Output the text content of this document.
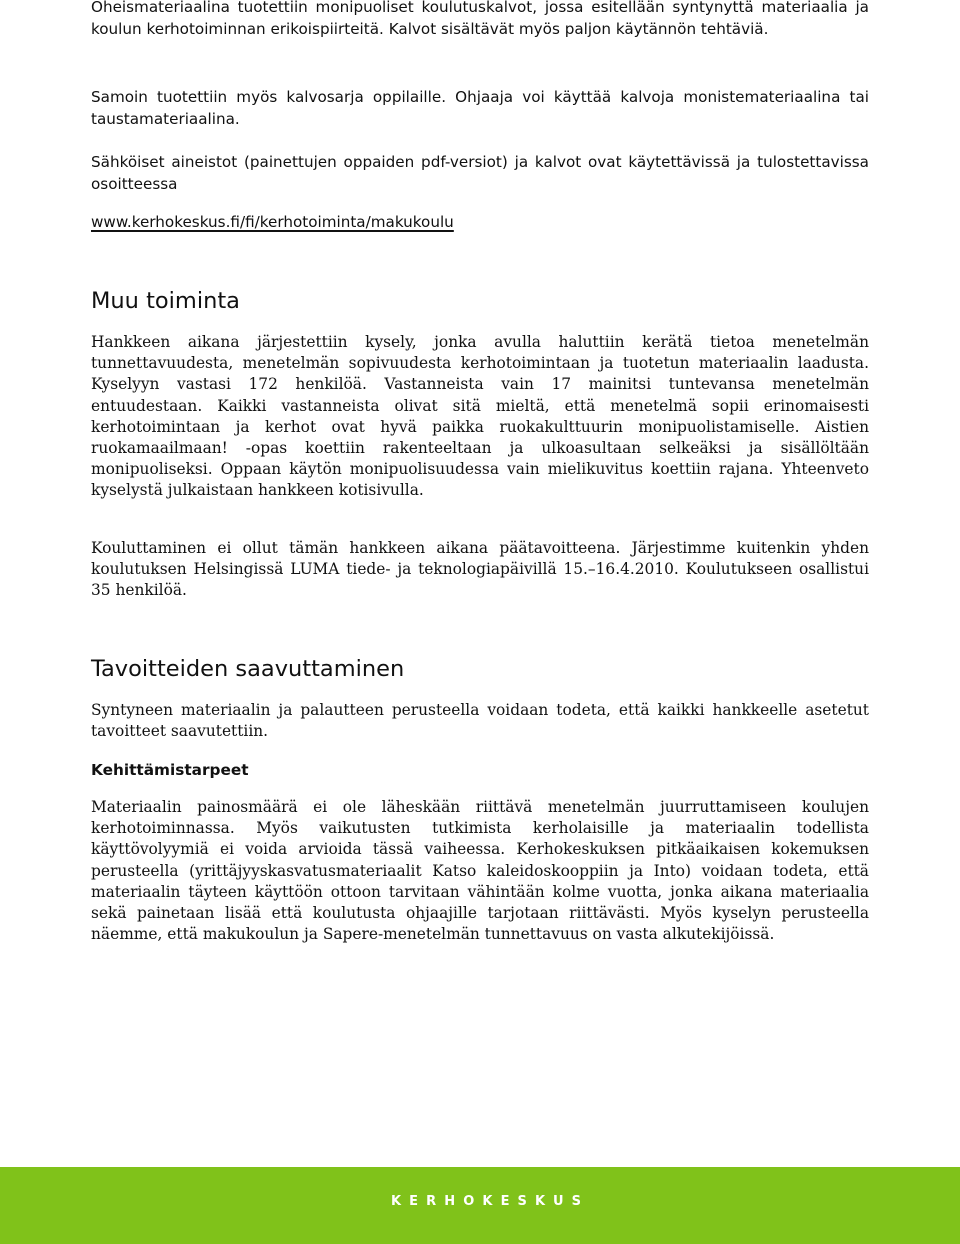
Oheismateriaalina tuotettiin monipuoliset koulutuskalvot, jossa esitellään syntynyttä materiaalia ja koulun kerhotoiminnan erikoispiirteitä. Kalvot sisältävät myös paljon käytännön tehtäviä.

Samoin tuotettiin myös kalvosarja oppilaille. Ohjaaja voi käyttää kalvoja monistemateriaalina tai taustamateriaalina.

Sähköiset aineistot (painettujen oppaiden pdf-versiot) ja kalvot ovat käytettävissä ja tulostettavissa osoitteessa

www.kerhokeskus.fi/fi/kerhotoiminta/makukoulu
Muu toiminta

Hankkeen aikana järjestettiin kysely, jonka avulla haluttiin kerätä tietoa menetelmän tunnettavuudesta, menetelmän sopivuudesta kerhotoimintaan ja tuotetun materiaalin laadusta. Kyselyyn vastasi 172 henkilöä. Vastanneista vain 17 mainitsi tuntevansa menetelmän entuudestaan. Kaikki vastanneista olivat sitä mieltä, että menetelmä sopii erinomaisesti kerhotoimintaan ja kerhot ovat hyvä paikka ruokakulttuurin monipuolistamiselle. Aistien ruokamaailmaan! -opas koettiin rakenteeltaan ja ulkoasultaan selkeäksi ja sisällöltään monipuoliseksi. Oppaan käytön monipuolisuudessa vain mielikuvitus koettiin rajana. Yhteenveto kyselystä julkaistaan hankkeen kotisivulla.

Kouluttaminen ei ollut tämän hankkeen aikana päätavoitteena. Järjestimme kuitenkin yhden koulutuksen Helsingissä LUMA tiede- ja teknologiapäivillä 15.–16.4.2010. Koulutukseen osallistui 35 henkilöä.

Tavoitteiden saavuttaminen

Syntyneen materiaalin ja palautteen perusteella voidaan todeta, että kaikki hankkeelle asetetut tavoitteet saavutettiin.

Kehittämistarpeet

Materiaalin painosmäärä ei ole läheskään riittävä menetelmän juurruttamiseen koulujen kerhotoiminnassa. Myös vaikutusten tutkimista kerholaisille ja materiaalin todellista käyttövolyymiä ei voida arvioida tässä vaiheessa. Kerhokeskuksen pitkäaikaisen kokemuksen perusteella (yrittäjyyskasvatusmateriaalit Katso kaleidoskooppiin ja Into) voidaan todeta, että materiaalin täyteen käyttöön ottoon tarvitaan vähintään kolme vuotta, jonka aikana materiaalia sekä painetaan lisää että koulutusta ohjaajille tarjotaan riittävästi. Myös kyselyn perusteella näemme, että makukoulun ja Sapere-menetelmän tunnettavuus on vasta alkutekijöissä.

KERHOKESKUS
